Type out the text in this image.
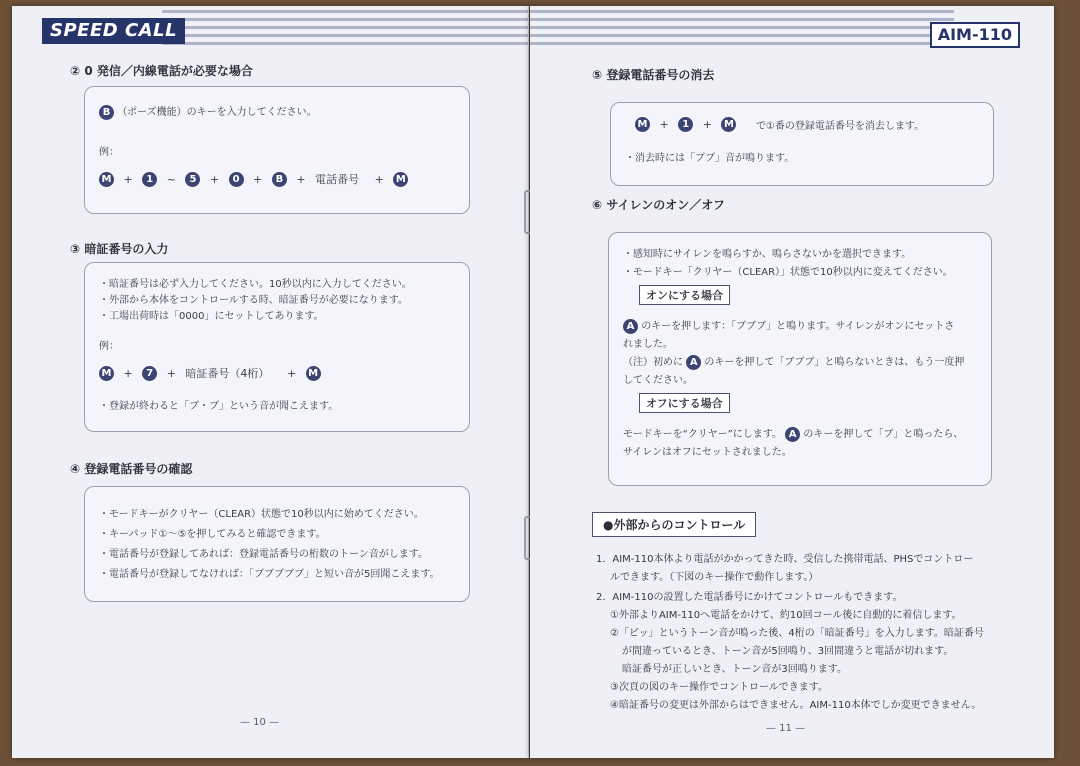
SPEED CALL
② 0 発信／内線電話が必要な場合
B （ポーズ機能）のキーを入力してください。
例：
M + 1 ~ 5 + 0 + B + 電話番号 + M
③ 暗証番号の入力
・暗証番号は必ず入力してください。10秒以内に入力してください。
・外部から本体をコントロールする時、暗証番号が必要になります。
・工場出荷時は「0000」にセットしてあります。
例：
M + 7 + 暗証番号（4桁） + M
・登録が終わると「ブ・ブ」という音が聞こえます。
④ 登録電話番号の確認
・モードキーがクリヤー（CLEAR）状態で10秒以内に始めてください。
・キーパッド①～⑤を押してみると確認できます。
・電話番号が登録してあれば：登録電話番号の桁数のトーン音がします。
・電話番号が登録してなければ：「ブブブブブ」と短い音が5回聞こえます。
— 10 —
AIM-110
⑤ 登録電話番号の消去
M + 1 + M で①番の登録電話番号を消去します。
・消去時には「ブブ」音が鳴ります。
⑥ サイレンのオン／オフ
・感知時にサイレンを鳴らすか、鳴らさないかを選択できます。
・モードキー「クリヤー（CLEAR）」状態で10秒以内に変えてください。
オンにする場合
A のキーを押します：「ブブブ」と鳴ります。サイレンがオンにセットさ
れました。
（注）初めに A のキーを押して「ブブブ」と鳴らないときは、もう一度押
してください。
オフにする場合
モードキーを“クリヤー”にします。 A のキーを押して「ブ」と鳴ったら、
サイレンはオフにセットされました。
●外部からのコントロール
1．AIM-110本体より電話がかかってきた時、受信した携帯電話、PHSでコントロー
ルできます。（下図のキー操作で動作します。）
2．AIM-110の設置した電話番号にかけてコントロールもできます。
①外部よりAIM-110へ電話をかけて、約10回コール後に自動的に着信します。
②「ピッ」というトーン音が鳴った後、4桁の「暗証番号」を入力します。暗証番号
が間違っているとき、トーン音が5回鳴り、3回間違うと電話が切れます。
暗証番号が正しいとき、トーン音が3回鳴ります。
③次頁の図のキー操作でコントロールできます。
④暗証番号の変更は外部からはできません。AIM-110本体でしか変更できません。
— 11 —
